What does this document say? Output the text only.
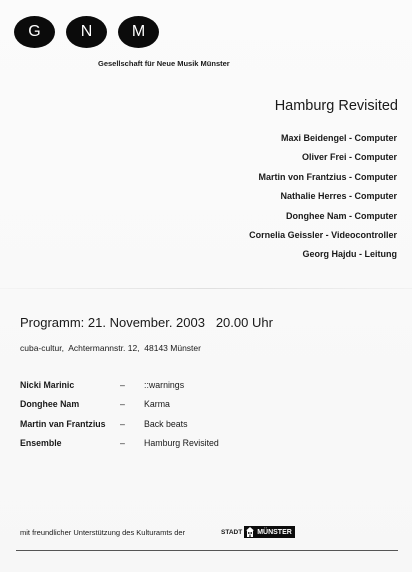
G	N	M
Gesellschaft für Neue Musik Münster
Hamburg Revisited
Maxi Beidengel - Computer
Oliver Frei - Computer
Martin von Frantzius - Computer
Nathalie Herres - Computer
Donghee Nam - Computer
Cornelia Geissler - Videocontroller
Georg Hajdu - Leitung
Programm: 21. November. 2003 20.00 Uhr
cuba-cultur,  Achtermannstr. 12,  48143 Münster
Nicki Marinic	– ::warnings
Donghee Nam	– Karma
Martin van Frantzius – Back beats
Ensemble	– Hamburg Revisited
mit freundlicher Unterstützung des Kulturamts der	STADT MÜNSTER
